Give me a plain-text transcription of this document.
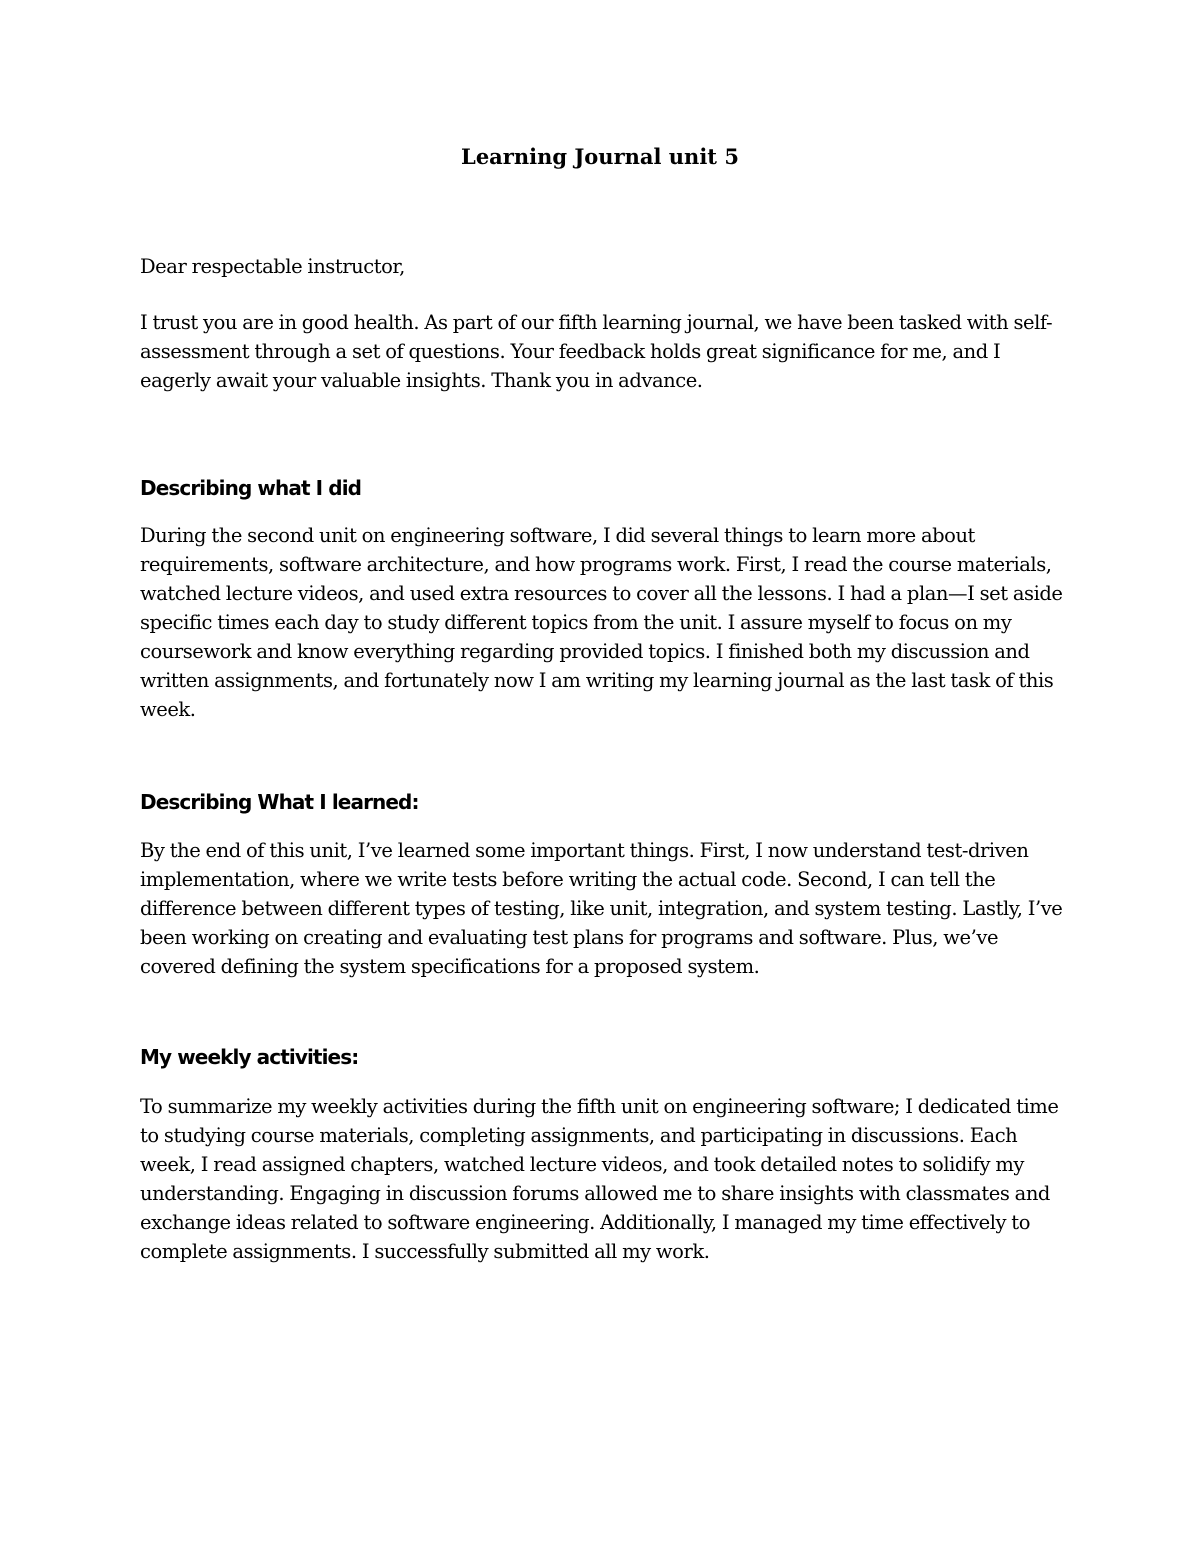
Learning Journal unit 5

Dear respectable instructor,

I trust you are in good health. As part of our fifth learning journal, we have been tasked with self-assessment through a set of questions. Your feedback holds great significance for me, and I eagerly await your valuable insights. Thank you in advance.

Describing what I did

During the second unit on engineering software, I did several things to learn more about requirements, software architecture, and how programs work. First, I read the course materials, watched lecture videos, and used extra resources to cover all the lessons. I had a plan—I set aside specific times each day to study different topics from the unit. I assure myself to focus on my coursework and know everything regarding provided topics. I finished both my discussion and written assignments, and fortunately now I am writing my learning journal as the last task of this week.

Describing What I learned:

By the end of this unit, I’ve learned some important things. First, I now understand test-driven implementation, where we write tests before writing the actual code. Second, I can tell the difference between different types of testing, like unit, integration, and system testing. Lastly, I’ve been working on creating and evaluating test plans for programs and software. Plus, we’ve covered defining the system specifications for a proposed system.

My weekly activities:

To summarize my weekly activities during the fifth unit on engineering software; I dedicated time to studying course materials, completing assignments, and participating in discussions. Each week, I read assigned chapters, watched lecture videos, and took detailed notes to solidify my understanding. Engaging in discussion forums allowed me to share insights with classmates and exchange ideas related to software engineering. Additionally, I managed my time effectively to complete assignments. I successfully submitted all my work.
